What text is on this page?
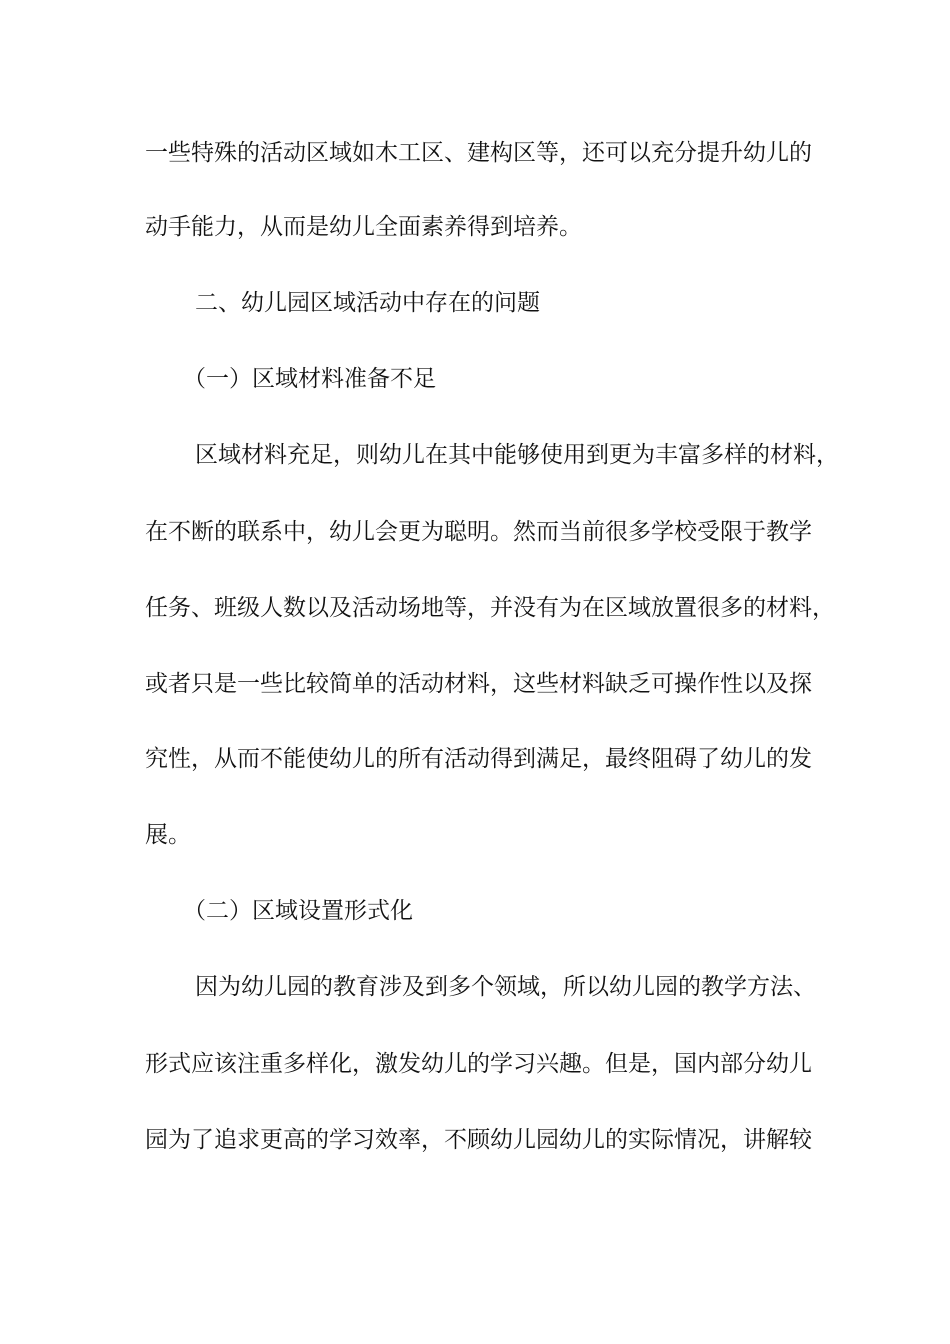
一些特殊的活动区域如木工区、建构区等，还可以充分提升幼儿的
动手能力，从而是幼儿全面素养得到培养。
二、幼儿园区域活动中存在的问题
（一）区域材料准备不足
区域材料充足，则幼儿在其中能够使用到更为丰富多样的材料，
在不断的联系中，幼儿会更为聪明。然而当前很多学校受限于教学
任务、班级人数以及活动场地等，并没有为在区域放置很多的材料，
或者只是一些比较简单的活动材料，这些材料缺乏可操作性以及探
究性，从而不能使幼儿的所有活动得到满足，最终阻碍了幼儿的发
展。
（二）区域设置形式化
因为幼儿园的教育涉及到多个领域，所以幼儿园的教学方法、
形式应该注重多样化，激发幼儿的学习兴趣。但是，国内部分幼儿
园为了追求更高的学习效率，不顾幼儿园幼儿的实际情况，讲解较
